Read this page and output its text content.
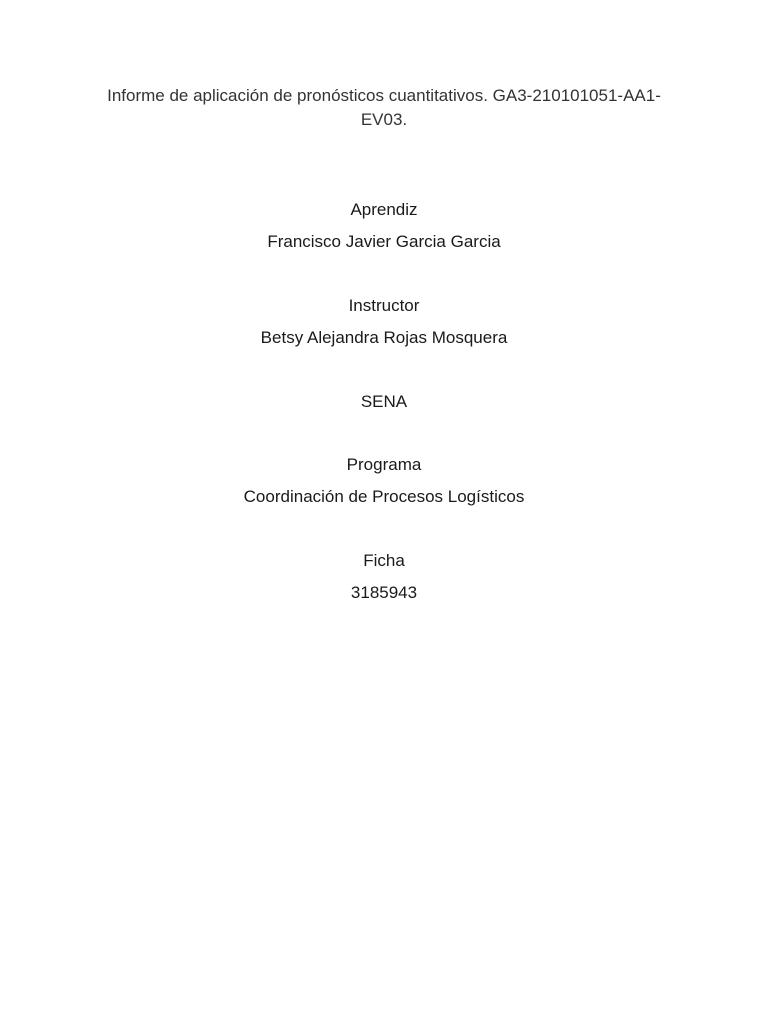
Informe de aplicación de pronósticos cuantitativos. GA3-210101051-AA1-EV03.
Aprendiz
Francisco Javier Garcia Garcia
Instructor
Betsy Alejandra Rojas Mosquera
SENA
Programa
Coordinación de Procesos Logísticos
Ficha
3185943
